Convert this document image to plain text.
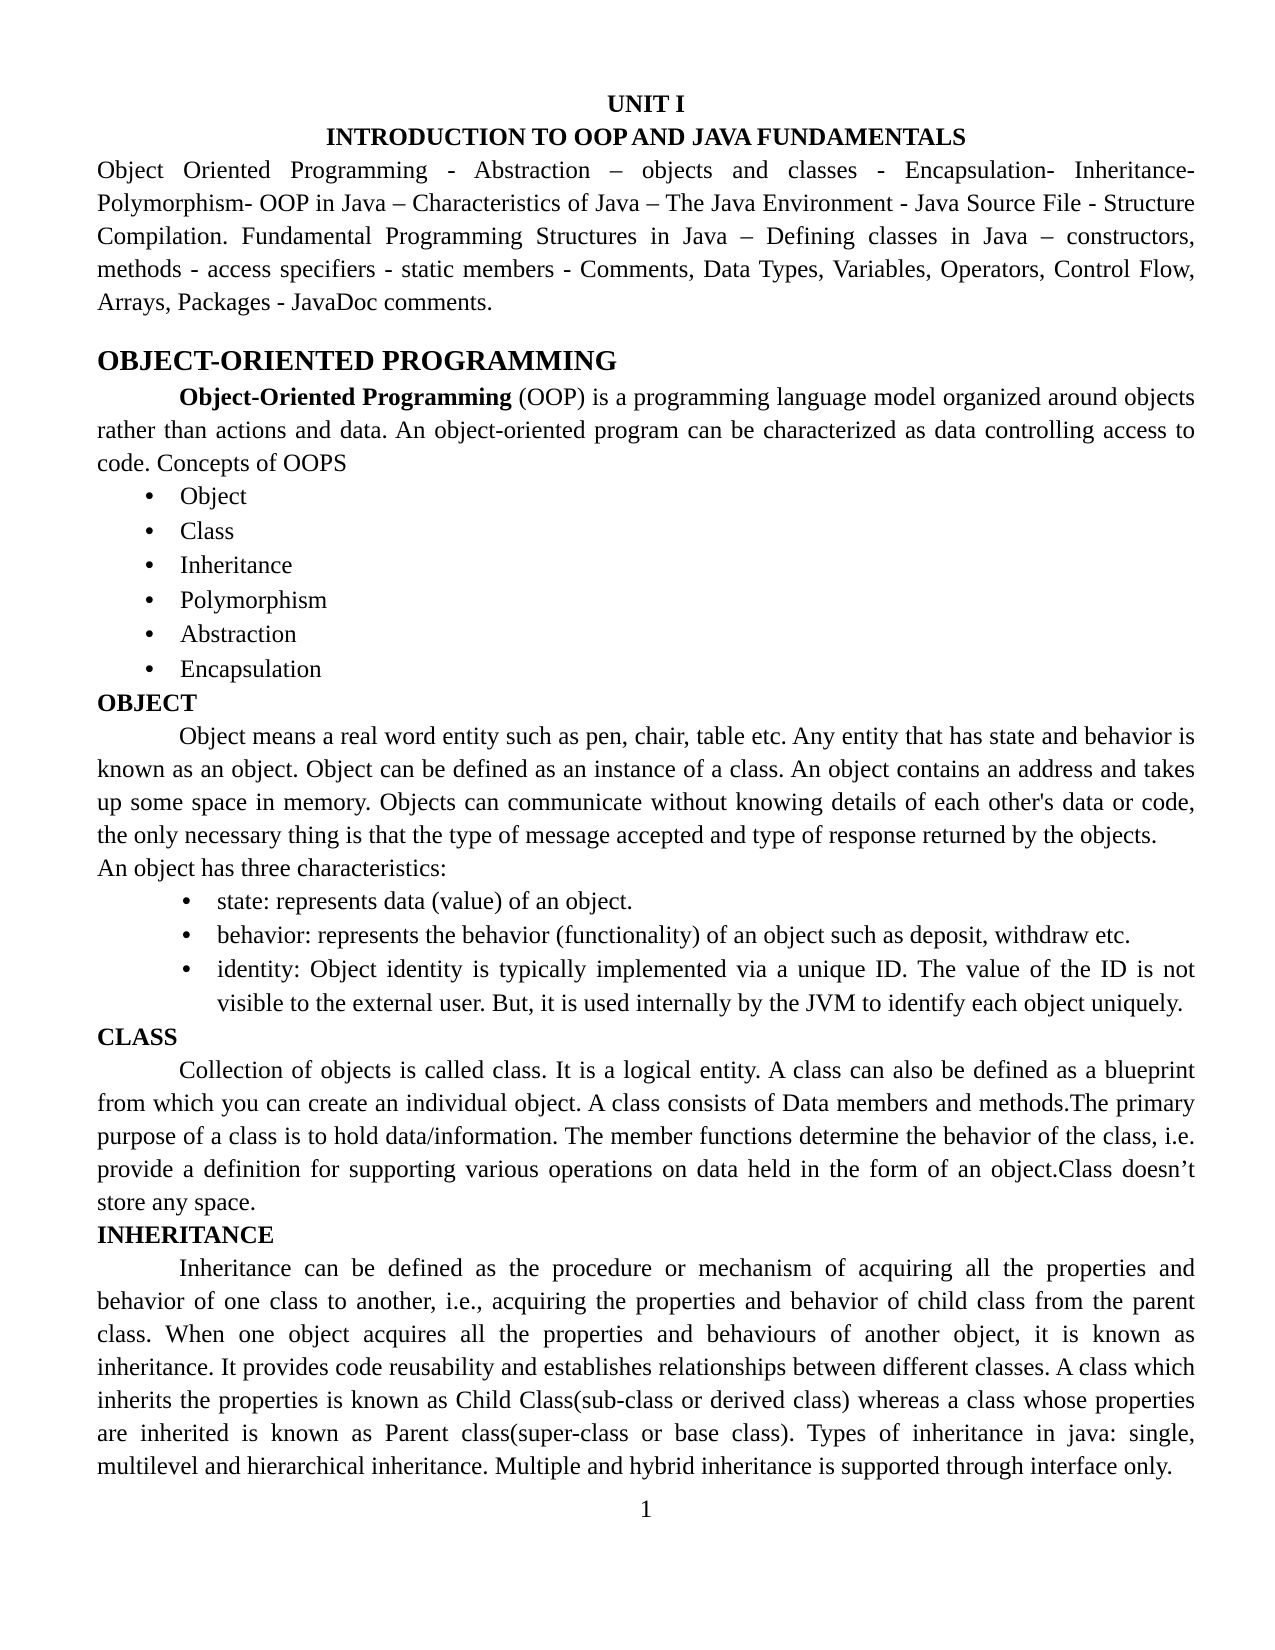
UNIT I
INTRODUCTION TO OOP AND JAVA FUNDAMENTALS

Object Oriented Programming - Abstraction – objects and classes - Encapsulation- Inheritance- Polymorphism- OOP in Java – Characteristics of Java – The Java Environment - Java Source File - Structure Compilation. Fundamental Programming Structures in Java – Defining classes in Java – constructors, methods - access specifiers - static members - Comments, Data Types, Variables, Operators, Control Flow, Arrays, Packages - JavaDoc comments.

OBJECT-ORIENTED PROGRAMMING

Object-Oriented Programming (OOP) is a programming language model organized around objects rather than actions and data. An object-oriented program can be characterized as data controlling access to code. Concepts of OOPS

• Object
• Class
• Inheritance
• Polymorphism
• Abstraction
• Encapsulation
OBJECT

Object means a real word entity such as pen, chair, table etc. Any entity that has state and behavior is known as an object. Object can be defined as an instance of a class. An object contains an address and takes up some space in memory. Objects can communicate without knowing details of each other's data or code, the only necessary thing is that the type of message accepted and type of response returned by the objects.

An object has three characteristics:

• state: represents data (value) of an object.
• behavior: represents the behavior (functionality) of an object such as deposit, withdraw etc.
• identity: Object identity is typically implemented via a unique ID. The value of the ID is not visible to the external user. But, it is used internally by the JVM to identify each object uniquely.
CLASS

Collection of objects is called class. It is a logical entity. A class can also be defined as a blueprint from which you can create an individual object. A class consists of Data members and methods.The primary purpose of a class is to hold data/information. The member functions determine the behavior of the class, i.e. provide a definition for supporting various operations on data held in the form of an object.Class doesn’t store any space.

INHERITANCE

Inheritance can be defined as the procedure or mechanism of acquiring all the properties and behavior of one class to another, i.e., acquiring the properties and behavior of child class from the parent class. When one object acquires all the properties and behaviours of another object, it is known as inheritance. It provides code reusability and establishes relationships between different classes. A class which inherits the properties is known as Child Class(sub-class or derived class) whereas a class whose properties are inherited is known as Parent class(super-class or base class). Types of inheritance in java: single, multilevel and hierarchical inheritance. Multiple and hybrid inheritance is supported through interface only.

1
